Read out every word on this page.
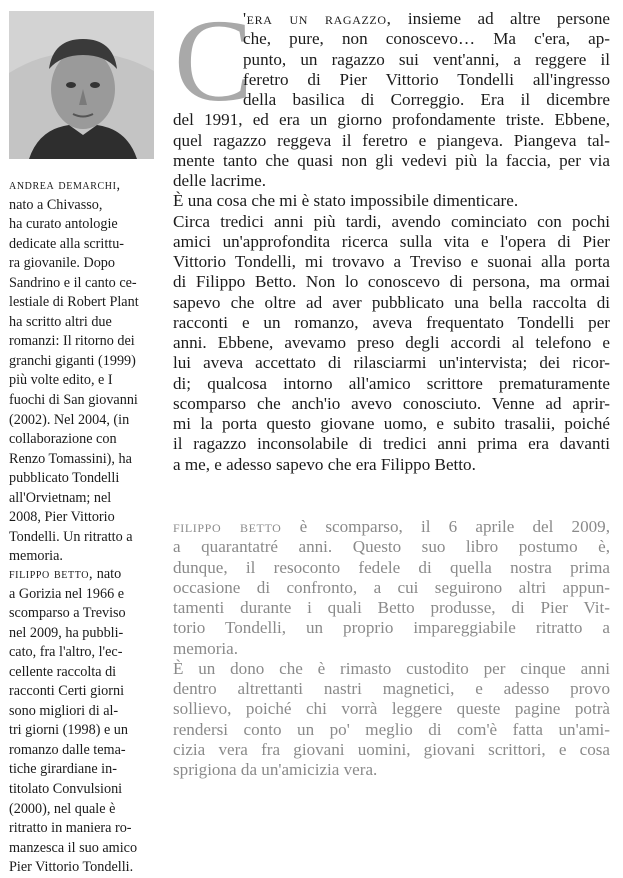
andrea demarchi,
nato a Chivasso,
ha curato antologie
dedicate alla scrittu-
ra giovanile. Dopo
Sandrino e il canto ce-
lestiale di Robert Plant
ha scritto altri due
romanzi: Il ritorno dei
granchi giganti (1999)
più volte edito, e I
fuochi di San giovanni
(2002). Nel 2004, (in
collaborazione con
Renzo Tomassini), ha
pubblicato Tondelli
all'Orvietnam; nel
2008, Pier Vittorio
Tondelli. Un ritratto a
memoria.
filippo betto, nato
a Gorizia nel 1966 e
scomparso a Treviso
nel 2009, ha pubbli-
cato, fra l'altro, l'ec-
cellente raccolta di
racconti Certi giorni
sono migliori di al-
tri giorni (1998) e un
romanzo dalle tema-
tiche girardiane in-
titolato Convulsioni
(2000), nel quale è
ritratto in maniera ro-
manzesca il suo amico
Pier Vittorio Tondelli.
C
'era un ragazzo, insieme ad altre persone
che, pure, non conoscevo… Ma c'era, ap-
punto, un ragazzo sui vent'anni, a reggere il
feretro di Pier Vittorio Tondelli all'ingresso
della basilica di Correggio. Era il dicembre
del 1991, ed era un giorno profondamente triste. Ebbene,
quel ragazzo reggeva il feretro e piangeva. Piangeva tal-
mente tanto che quasi non gli vedevi più la faccia, per via
delle lacrime.
È una cosa che mi è stato impossibile dimenticare.
Circa tredici anni più tardi, avendo cominciato con pochi
amici un'approfondita ricerca sulla vita e l'opera di Pier
Vittorio Tondelli, mi trovavo a Treviso e suonai alla porta
di Filippo Betto. Non lo conoscevo di persona, ma ormai
sapevo che oltre ad aver pubblicato una bella raccolta di
racconti e un romanzo, aveva frequentato Tondelli per
anni. Ebbene, avevamo preso degli accordi al telefono e
lui aveva accettato di rilasciarmi un'intervista; dei ricor-
di; qualcosa intorno all'amico scrittore prematuramente
scomparso che anch'io avevo conosciuto. Venne ad aprir-
mi la porta questo giovane uomo, e subito trasalii, poiché
il ragazzo inconsolabile di tredici anni prima era davanti
a me, e adesso sapevo che era Filippo Betto.
filippo betto è scomparso, il 6 aprile del 2009,
a quarantatré anni. Questo suo libro postumo è,
dunque, il resoconto fedele di quella nostra prima
occasione di confronto, a cui seguirono altri appun-
tamenti durante i quali Betto produsse, di Pier Vit-
torio Tondelli, un proprio impareggiabile ritratto a
memoria.
È un dono che è rimasto custodito per cinque anni
dentro altrettanti nastri magnetici, e adesso provo
sollievo, poiché chi vorrà leggere queste pagine potrà
rendersi conto un po' meglio di com'è fatta un'ami-
cizia vera fra giovani uomini, giovani scrittori, e cosa
sprigiona da un'amicizia vera.
